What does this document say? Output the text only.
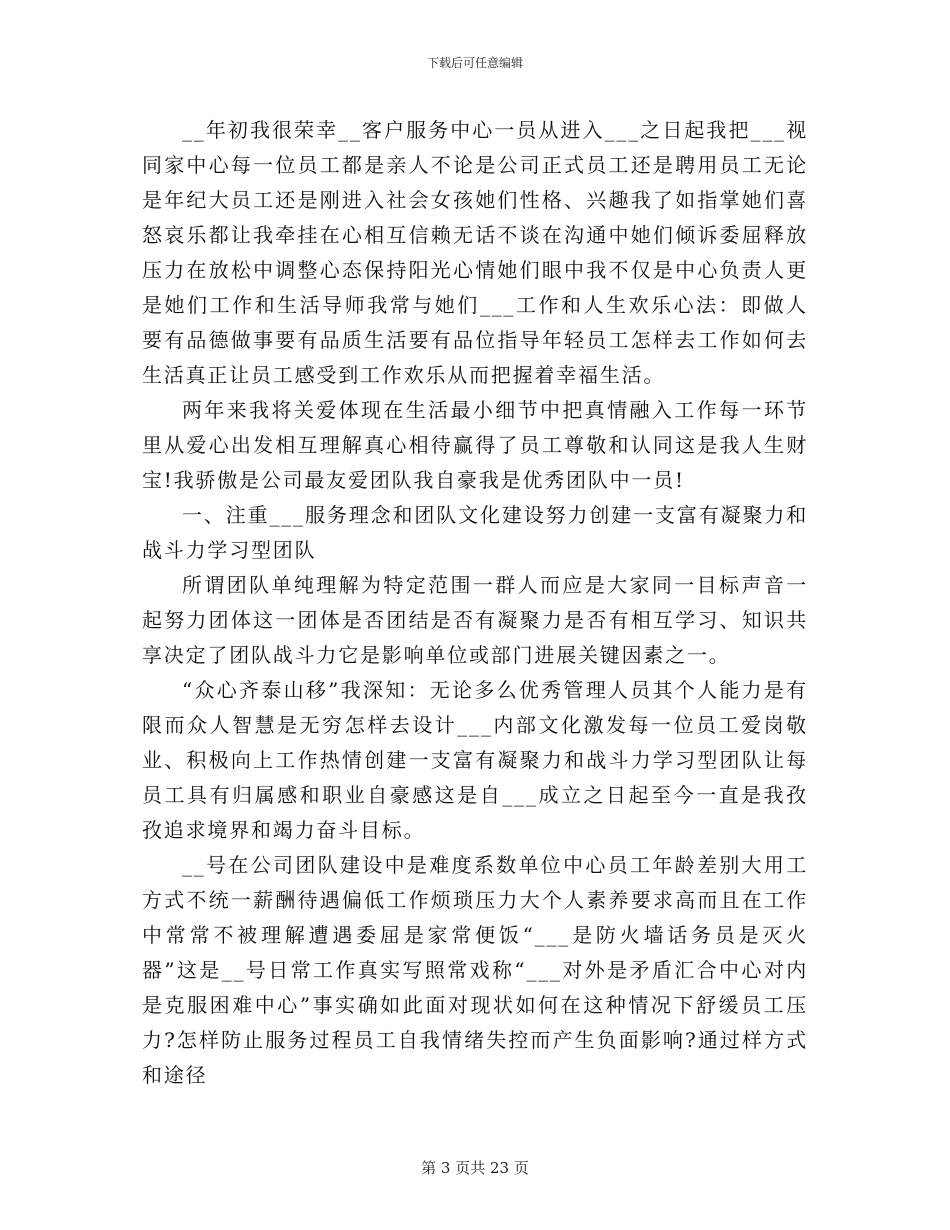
下载后可任意编辑

__年初我很荣幸__客户服务中心一员从进入___之日起我把___视同家中心每一位员工都是亲人不论是公司正式员工还是聘用员工无论是年纪大员工还是刚进入社会女孩她们性格、兴趣我了如指掌她们喜怒哀乐都让我牵挂在心相互信赖无话不谈在沟通中她们倾诉委屈释放压力在放松中调整心态保持阳光心情她们眼中我不仅是中心负责人更是她们工作和生活导师我常与她们___工作和人生欢乐心法：即做人要有品德做事要有品质生活要有品位指导年轻员工怎样去工作如何去生活真正让员工感受到工作欢乐从而把握着幸福生活。

两年来我将关爱体现在生活最小细节中把真情融入工作每一环节里从爱心出发相互理解真心相待赢得了员工尊敬和认同这是我人生财宝!我骄傲是公司最友爱团队我自豪我是优秀团队中一员!

一、注重___服务理念和团队文化建设努力创建一支富有凝聚力和战斗力学习型团队

所谓团队单纯理解为特定范围一群人而应是大家同一目标声音一起努力团体这一团体是否团结是否有凝聚力是否有相互学习、知识共享决定了团队战斗力它是影响单位或部门进展关键因素之一。

“众心齐泰山移”我深知：无论多么优秀管理人员其个人能力是有限而众人智慧是无穷怎样去设计___内部文化激发每一位员工爱岗敬业、积极向上工作热情创建一支富有凝聚力和战斗力学习型团队让每员工具有归属感和职业自豪感这是自___成立之日起至今一直是我孜孜追求境界和竭力奋斗目标。

__号在公司团队建设中是难度系数单位中心员工年龄差别大用工方式不统一薪酬待遇偏低工作烦琐压力大个人素养要求高而且在工作中常常不被理解遭遇委屈是家常便饭“___是防火墙话务员是灭火器”这是__号日常工作真实写照常戏称“___对外是矛盾汇合中心对内是克服困难中心”事实确如此面对现状如何在这种情况下舒缓员工压力?怎样防止服务过程员工自我情绪失控而产生负面影响?通过样方式和途径

第 3 页共 23 页
